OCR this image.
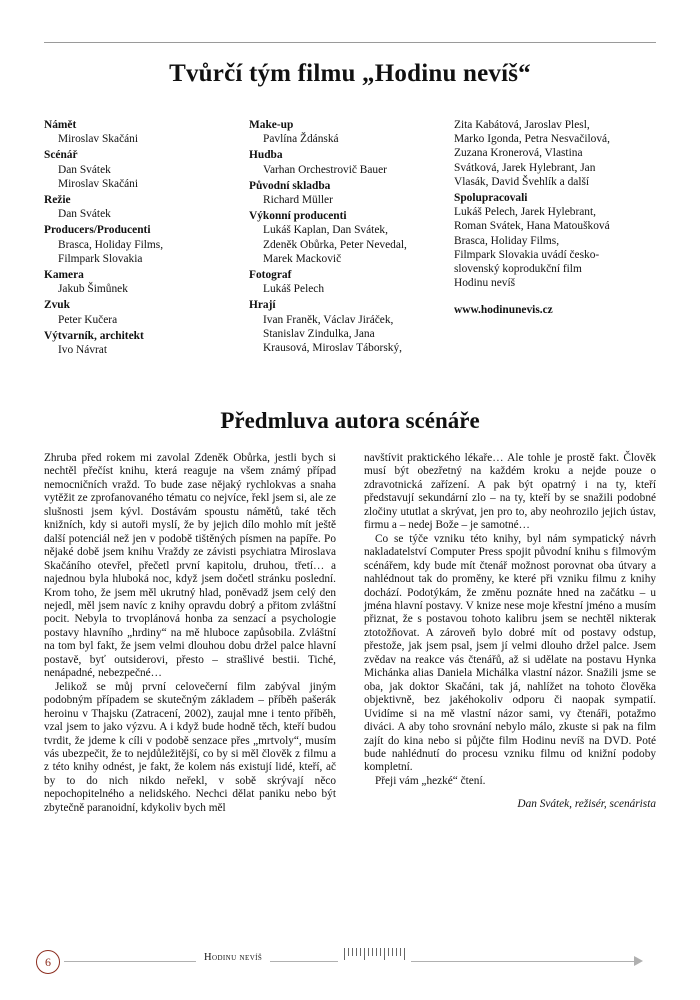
Tvůrčí tým filmu „Hodinu nevíš“
Námět
Miroslav Skačáni
Scénář
Dan Svátek
Miroslav Skačáni
Režie
Dan Svátek
Producers/Producenti
Brasca, Holiday Films,
Filmpark Slovakia
Kamera
Jakub Šimůnek
Zvuk
Peter Kučera
Výtvarník, architekt
Ivo Návrat
Make-up
Pavlína Ždánská
Hudba
Varhan Orchestrovič Bauer
Původní skladba
Richard Müller
Výkonní producenti
Lukáš Kaplan, Dan Svátek,
Zdeněk Obůrka, Peter Nevedal,
Marek Mackovič
Fotograf
Lukáš Pelech
Hrají
Ivan Franěk, Václav Jiráček,
Stanislav Zindulka, Jana
Krausová, Miroslav Táborský,
Zita Kabátová, Jaroslav Plesl,
Marko Igonda, Petra Nesvačilová,
Zuzana Kronerová, Vlastina
Svátková, Jarek Hylebrant, Jan
Vlasák, David Švehlík a další
Spolupracovali
Lukáš Pelech, Jarek Hylebrant,
Roman Svátek, Hana Matoušková
Brasca, Holiday Films,
Filmpark Slovakia uvádí česko-
slovenský koprodukční film
Hodinu nevíš
www.hodinunevis.cz
Předmluva autora scénáře

Zhruba před rokem mi zavolal Zdeněk Obůrka, jestli bych si nechtěl přečíst knihu, která reaguje na všem známý případ nemocničních vražd. To bude zase nějaký rychlokvas a snaha vytěžit ze zprofanovaného tématu co nejvíce, řekl jsem si, ale ze slušnosti jsem kývl. Dostávám spoustu námětů, také těch knižních, kdy si autoři myslí, že by jejich dílo mohlo mít ještě další potenciál než jen v podobě tištěných písmen na papíře. Po nějaké době jsem knihu Vraždy ze závisti psychiatra Miroslava Skačáního otevřel, přečetl první kapitolu, druhou, třetí… a najednou byla hluboká noc, když jsem dočetl stránku poslední. Krom toho, že jsem měl ukrutný hlad, poněvadž jsem celý den nejedl, měl jsem navíc z knihy opravdu dobrý a přitom zvláštní pocit. Nebyla to trvoplánová honba za senzací a psychologie postavy hlavního „hrdiny“ na mě hluboce zapůsobila. Zvláštní na tom byl fakt, že jsem velmi dlouhou dobu držel palce hlavní postavě, byť outsiderovi, přesto – strašlivé bestii. Tiché, nenápadné, nebezpečné…

Jelikož se můj první celovečerní film zabýval jiným podobným případem se skutečným základem – příběh pašerák heroinu v Thajsku (Zatracení, 2002), zaujal mne i tento příběh, vzal jsem to jako výzvu. A i když bude hodně těch, kteří budou tvrdit, že jdeme k cíli v podobě senzace přes „mrtvoly“, musím vás ubezpečit, že to nejdůležitější, co by si měl člověk z filmu a z této knihy odnést, je fakt, že kolem nás existují lidé, kteří, ač by to do nich nikdo neřekl, v sobě skrývají něco nepochopitelného a nelidského. Nechci dělat paniku nebo být zbytečně paranoidní, kdykoliv bych měl

navštívit praktického lékaře… Ale tohle je prostě fakt. Člověk musí být obezřetný na každém kroku a nejde pouze o zdravotnická zařízení. A pak být opatrný i na ty, kteří představují sekundární zlo – na ty, kteří by se snažili podobné zločiny ututlat a skrývat, jen pro to, aby neohrozilo jejich ústav, firmu a – nedej Bože – je samotné…

Co se týče vzniku této knihy, byl nám sympatický návrh nakladatelství Computer Press spojit původní knihu s filmovým scénářem, kdy bude mít čtenář možnost porovnat oba útvary a nahlédnout tak do proměny, ke které při vzniku filmu z knihy dochází. Podotýkám, že změnu poznáte hned na začátku – u jména hlavní postavy. V knize nese moje křestní jméno a musím přiznat, že s postavou tohoto kalibru jsem se nechtěl nikterak ztotožňovat. A zároveň bylo dobré mít od postavy odstup, přestože, jak jsem psal, jsem jí velmi dlouho držel palce. Jsem zvědav na reakce vás čtenářů, až si udělate na postavu Hynka Michánka alias Daniela Michálka vlastní názor. Snažili jsme se oba, jak doktor Skačáni, tak já, nahlížet na tohoto člověka objektivně, bez jakéhokoliv odporu či naopak sympatií. Uvidíme si na mě vlastní názor sami, vy čtenáři, potažmo diváci. A aby toho srovnání nebylo málo, zkuste si pak na film zajít do kina nebo si půjčte film Hodinu nevíš na DVD. Poté bude nahlédnutí do procesu vzniku filmu od knižní podoby kompletní.

Přeji vám „hezké“ čtení.

Dan Svátek, režisér, scenárista
6	Hodinu nevíš
